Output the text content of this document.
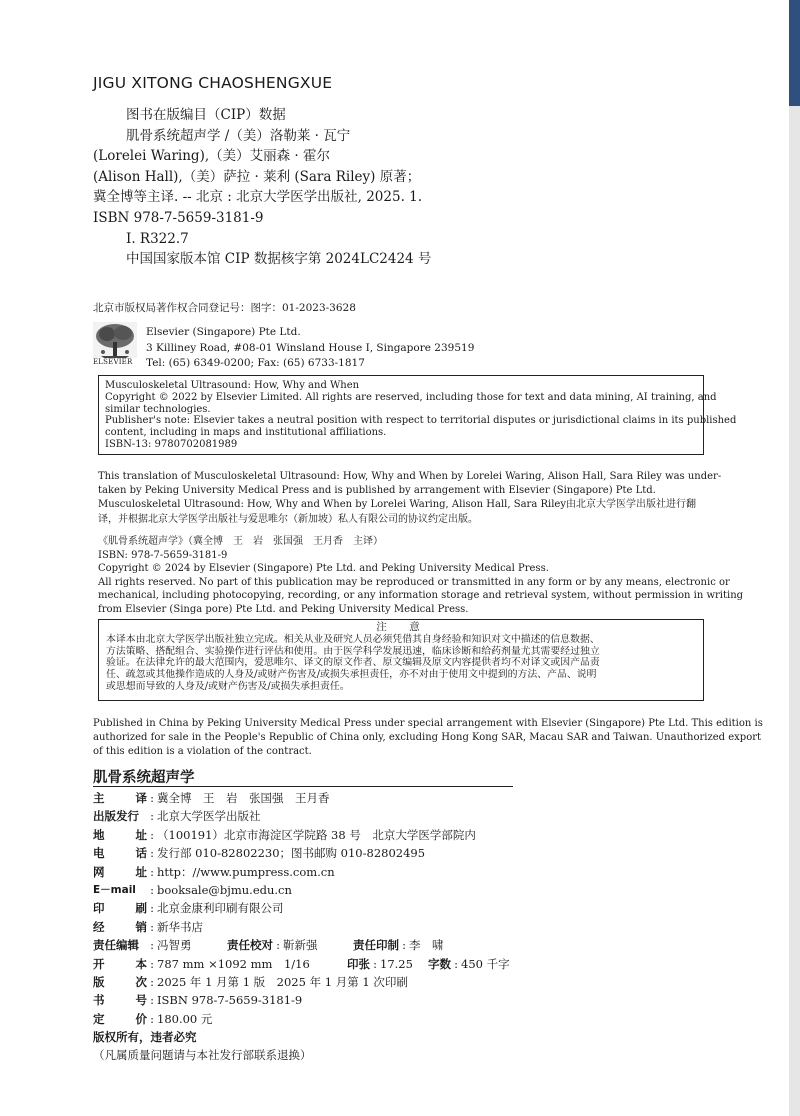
JIGU XITONG CHAOSHENGXUE
图书在版编目（CIP）数据
肌骨系统超声学 /（美）洛勒莱 · 瓦宁
(Lorelei Waring),（美）艾丽森 · 霍尔
(Alison Hall),（美）萨拉 · 莱利 (Sara Riley) 原著；
冀全博等主译. -- 北京 : 北京大学医学出版社, 2025. 1.
ISBN 978-7-5659-3181-9
Ⅰ. R322.7
中国国家版本馆 CIP 数据核字第 2024LC2424 号
北京市版权局著作权合同登记号：图字：01-2023-3628
ELSEVIER
Elsevier (Singapore) Pte Ltd.
3 Killiney Road, #08-01 Winsland House I, Singapore 239519
Tel: (65) 6349-0200; Fax: (65) 6733-1817
Musculoskeletal Ultrasound: How, Why and When
Copyright © 2022 by Elsevier Limited. All rights are reserved, including those for text and data mining, AI training, and
similar technologies.
Publisher's note: Elsevier takes a neutral position with respect to territorial disputes or jurisdictional claims in its published
content, including in maps and institutional affiliations.
ISBN-13: 9780702081989
This translation of Musculoskeletal Ultrasound: How, Why and When by Lorelei Waring, Alison Hall, Sara Riley was under-
taken by Peking University Medical Press and is published by arrangement with Elsevier (Singapore) Pte Ltd.
Musculoskeletal Ultrasound: How, Why and When by Lorelei Waring, Alison Hall, Sara Riley由北京大学医学出版社进行翻
译，并根据北京大学医学出版社与爱思唯尔（新加坡）私人有限公司的协议约定出版。
《肌骨系统超声学》（冀全博　王　岩　张国强　王月香　主译）
ISBN: 978-7-5659-3181-9
Copyright © 2024 by Elsevier (Singapore) Pte Ltd. and Peking University Medical Press.
All rights reserved. No part of this publication may be reproduced or transmitted in any form or by any means, electronic or
mechanical, including photocopying, recording, or any information storage and retrieval system, without permission in writing
from Elsevier (Singa pore) Pte Ltd. and Peking University Medical Press.
注　意
本译本由北京大学医学出版社独立完成。相关从业及研究人员必须凭借其自身经验和知识对文中描述的信息数据、
方法策略、搭配组合、实验操作进行评估和使用。由于医学科学发展迅速，临床诊断和给药剂量尤其需要经过独立
验证。在法律允许的最大范围内，爱思唯尔、译文的原文作者、原文编辑及原文内容提供者均不对译文或因产品责
任、疏忽或其他操作造成的人身及/或财产伤害及/或损失承担责任，亦不对由于使用文中提到的方法、产品、说明
或思想而导致的人身及/或财产伤害及/或损失承担责任。
Published in China by Peking University Medical Press under special arrangement with Elsevier (Singapore) Pte Ltd. This edition is
authorized for sale in the People's Republic of China only, excluding Hong Kong SAR, Macau SAR and Taiwan. Unauthorized export
of this edition is a violation of the contract.
肌骨系统超声学
主	译 : 冀全博　王　岩　张国强　王月香
出版发行 : 北京大学医学出版社
地	址 : （100191）北京市海淀区学院路 38 号　北京大学医学部院内
电	话 : 发行部 010-82802230；图书邮购 010-82802495
网	址 : http：//www.pumpress.com.cn
E－mail	: booksale@bjmu.edu.cn
印	刷 : 北京金康利印刷有限公司
经	销 : 新华书店
责任编辑 : 冯智勇	责任校对 : 靳新强	责任印制 : 李　啸
开	本 : 787 mm ×1092 mm　1/16	印张 : 17.25	字数 : 450 千字
版	次 : 2025 年 1 月第 1 版　2025 年 1 月第 1 次印刷
书	号 : ISBN 978-7-5659-3181-9
定	价 : 180.00 元
版权所有，违者必究
（凡属质量问题请与本社发行部联系退换）
